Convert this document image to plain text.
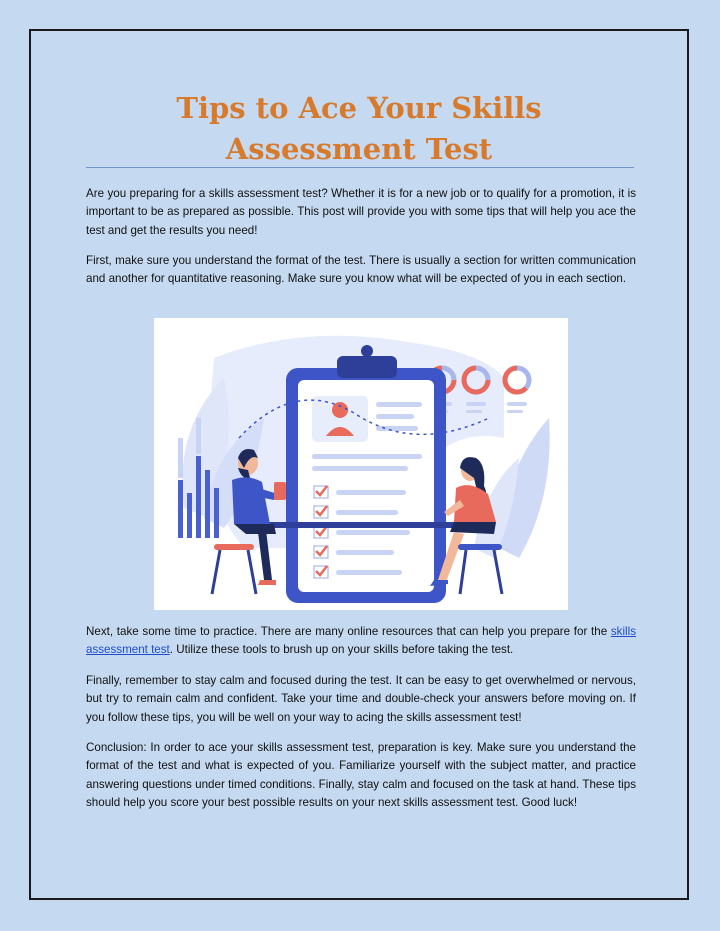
Tips to Ace Your Skills Assessment Test

Are you preparing for a skills assessment test? Whether it is for a new job or to qualify for a promotion, it is important to be as prepared as possible. This post will provide you with some tips that will help you ace the test and get the results you need!

First, make sure you understand the format of the test. There is usually a section for written communication and another for quantitative reasoning. Make sure you know what will be expected of you in each section.

Next, take some time to practice. There are many online resources that can help you prepare for the skills assessment test. Utilize these tools to brush up on your skills before taking the test.

Finally, remember to stay calm and focused during the test. It can be easy to get overwhelmed or nervous, but try to remain calm and confident. Take your time and double-check your answers before moving on. If you follow these tips, you will be well on your way to acing the skills assessment test!

Conclusion: In order to ace your skills assessment test, preparation is key. Make sure you understand the format of the test and what is expected of you. Familiarize yourself with the subject matter, and practice answering questions under timed conditions. Finally, stay calm and focused on the task at hand. These tips should help you score your best possible results on your next skills assessment test. Good luck!
